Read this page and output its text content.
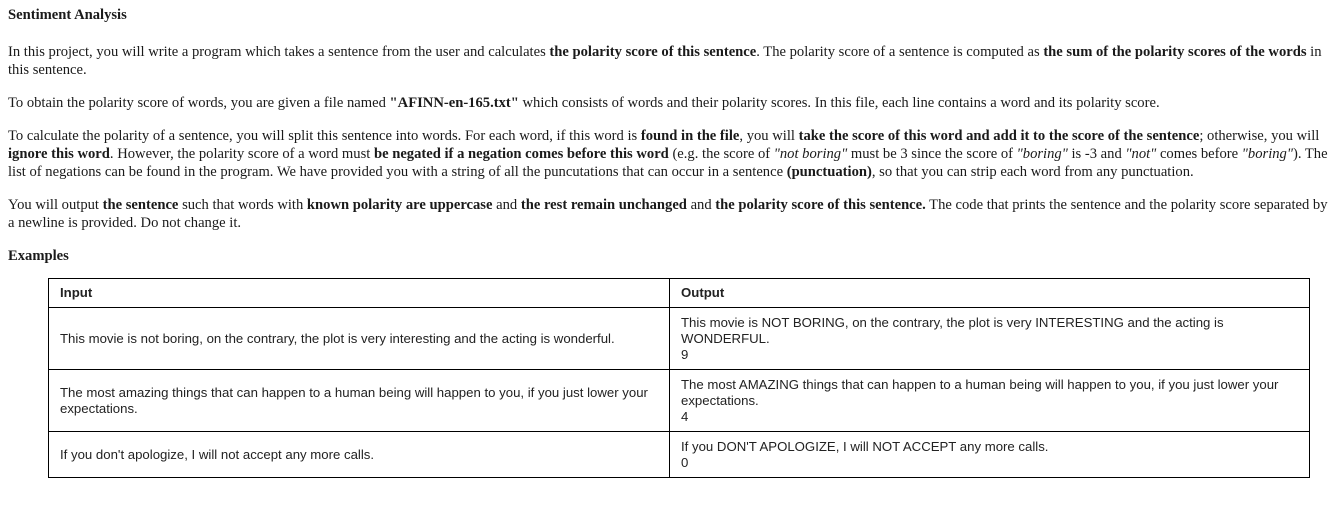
Sentiment Analysis

In this project, you will write a program which takes a sentence from the user and calculates the polarity score of this sentence. The polarity score of a sentence is computed as the sum of the polarity scores of the words in this sentence.

To obtain the polarity score of words, you are given a file named "AFINN-en-165.txt" which consists of words and their polarity scores. In this file, each line contains a word and its polarity score.

To calculate the polarity of a sentence, you will split this sentence into words. For each word, if this word is found in the file, you will take the score of this word and add it to the score of the sentence; otherwise, you will ignore this word. However, the polarity score of a word must be negated if a negation comes before this word (e.g. the score of "not boring" must be 3 since the score of "boring" is -3 and "not" comes before "boring"). The list of negations can be found in the program. We have provided you with a string of all the puncutations that can occur in a sentence (punctuation), so that you can strip each word from any punctuation.

You will output the sentence such that words with known polarity are uppercase and the rest remain unchanged and the polarity score of this sentence. The code that prints the sentence and the polarity score separated by a newline is provided. Do not change it.

Examples
Input	Output
This movie is not boring, on the contrary, the plot is very interesting and the acting is wonderful.	This movie is NOT BORING, on the contrary, the plot is very INTERESTING and the acting is WONDERFUL.
9

The most amazing things that can happen to a human being will happen to you, if you just lower your expectations.	The most AMAZING things that can happen to a human being will happen to you, if you just lower your expectations.
4

If you don't apologize, I will not accept any more calls.	If you DON'T APOLOGIZE, I will NOT ACCEPT any more calls.
0
